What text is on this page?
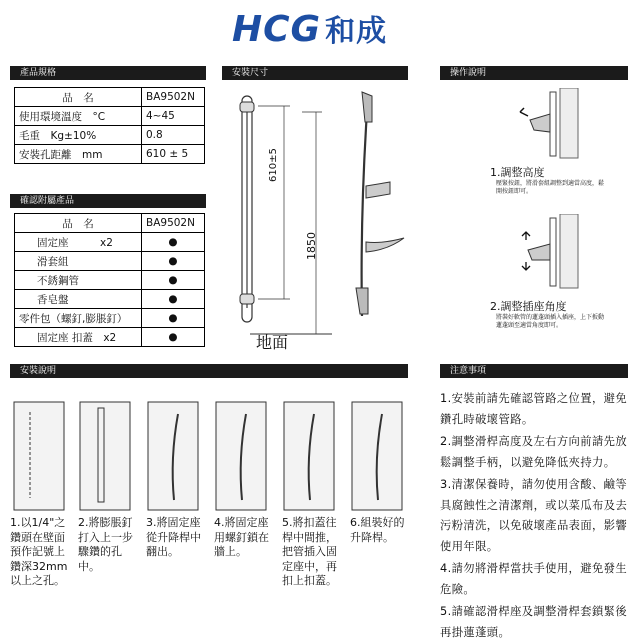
HCG 和成
產品規格	安裝尺寸	操作說明
確認附屬產品
安裝說明	注意事項
品　名	BA9502N
使用環境溫度　°C	4~45
毛重　Kg±10%	0.8
安裝孔距離　mm	610 ± 5
品　名	BA9502N
固定座　　　x2	●
滑套組	●
不銹鋼管	●
香皂盤	●
零件包（螺釘,膨脹釘）	●
固定座 扣蓋　x2	●
610±5
1850
地面
1.調整高度
壓緊按鈕，將滑套組調整到適當高度，鬆開按鈕即可。
2.調整插座角度
將裝好軟管的蓮蓬頭插入插座，上下扳動蓮蓬頭至適當角度即可。
1.以1/4"之鑽頭在壁面預作記號上鑽深32mm以上之孔。
2.將膨脹釘打入上一步驟鑽的孔中。
3.將固定座從升降桿中翻出。
4.將固定座用螺釘鎖在牆上。
5.將扣蓋往桿中間推，把管插入固定座中，再扣上扣蓋。
6.組裝好的升降桿。
1.安裝前請先確認管路之位置，避免鑽孔時破壞管路。
2.調整滑桿高度及左右方向前請先放鬆調整手柄，以避免降低夾持力。
3.清潔保養時，請勿使用含酸、鹼等具腐蝕性之清潔劑，或以菜瓜布及去污粉清洗，以免破壞產品表面，影響使用年限。
4.請勿將滑桿當扶手使用，避免發生危險。
5.請確認滑桿座及調整滑桿套鎖緊後再掛蓮蓬頭。
